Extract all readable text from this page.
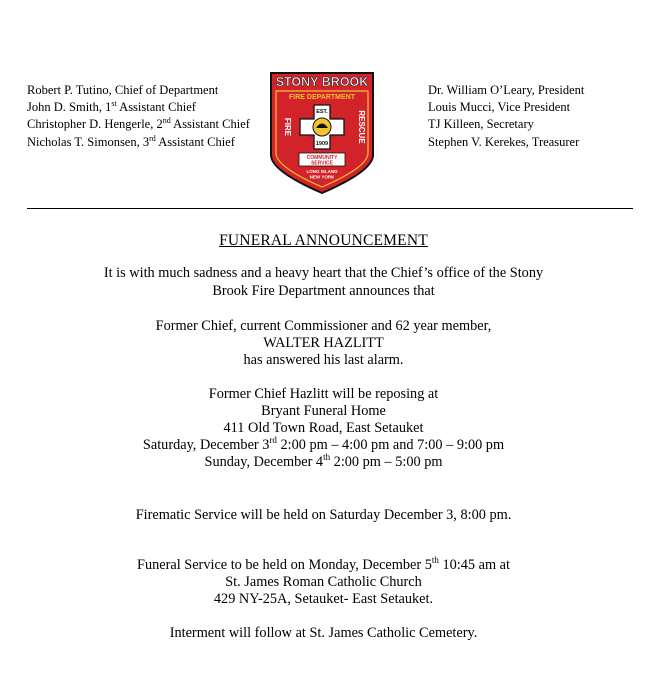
Robert P. Tutino, Chief of Department
John D. Smith, 1st Assistant Chief
Christopher D. Hengerle, 2nd Assistant Chief
Nicholas T. Simonsen, 3rd Assistant Chief
Dr. William O’Leary, President
Louis Mucci, Vice President
TJ Killeen, Secretary
Stephen V. Kerekes, Treasurer
STONY BROOK
FIRE DEPARTMENT
EST.
1909
FIRE	RESCUE
COMMUNITY
SERVICE
LONG ISLAND
NEW YORK
FUNERAL ANNOUNCEMENT
It is with much sadness and a heavy heart that the Chief’s office of the Stony
Brook Fire Department announces that
Former Chief, current Commissioner and 62 year member,
WALTER HAZLITT
has answered his last alarm.
Former Chief Hazlitt will be reposing at
Bryant Funeral Home
411 Old Town Road, East Setauket
Saturday, December 3rd 2:00 pm – 4:00 pm and 7:00 – 9:00 pm
Sunday, December 4th 2:00 pm – 5:00 pm
Firematic Service will be held on Saturday December 3, 8:00 pm.
Funeral Service to be held on Monday, December 5th 10:45 am at
St. James Roman Catholic Church
429 NY-25A, Setauket- East Setauket.
Interment will follow at St. James Catholic Cemetery.
